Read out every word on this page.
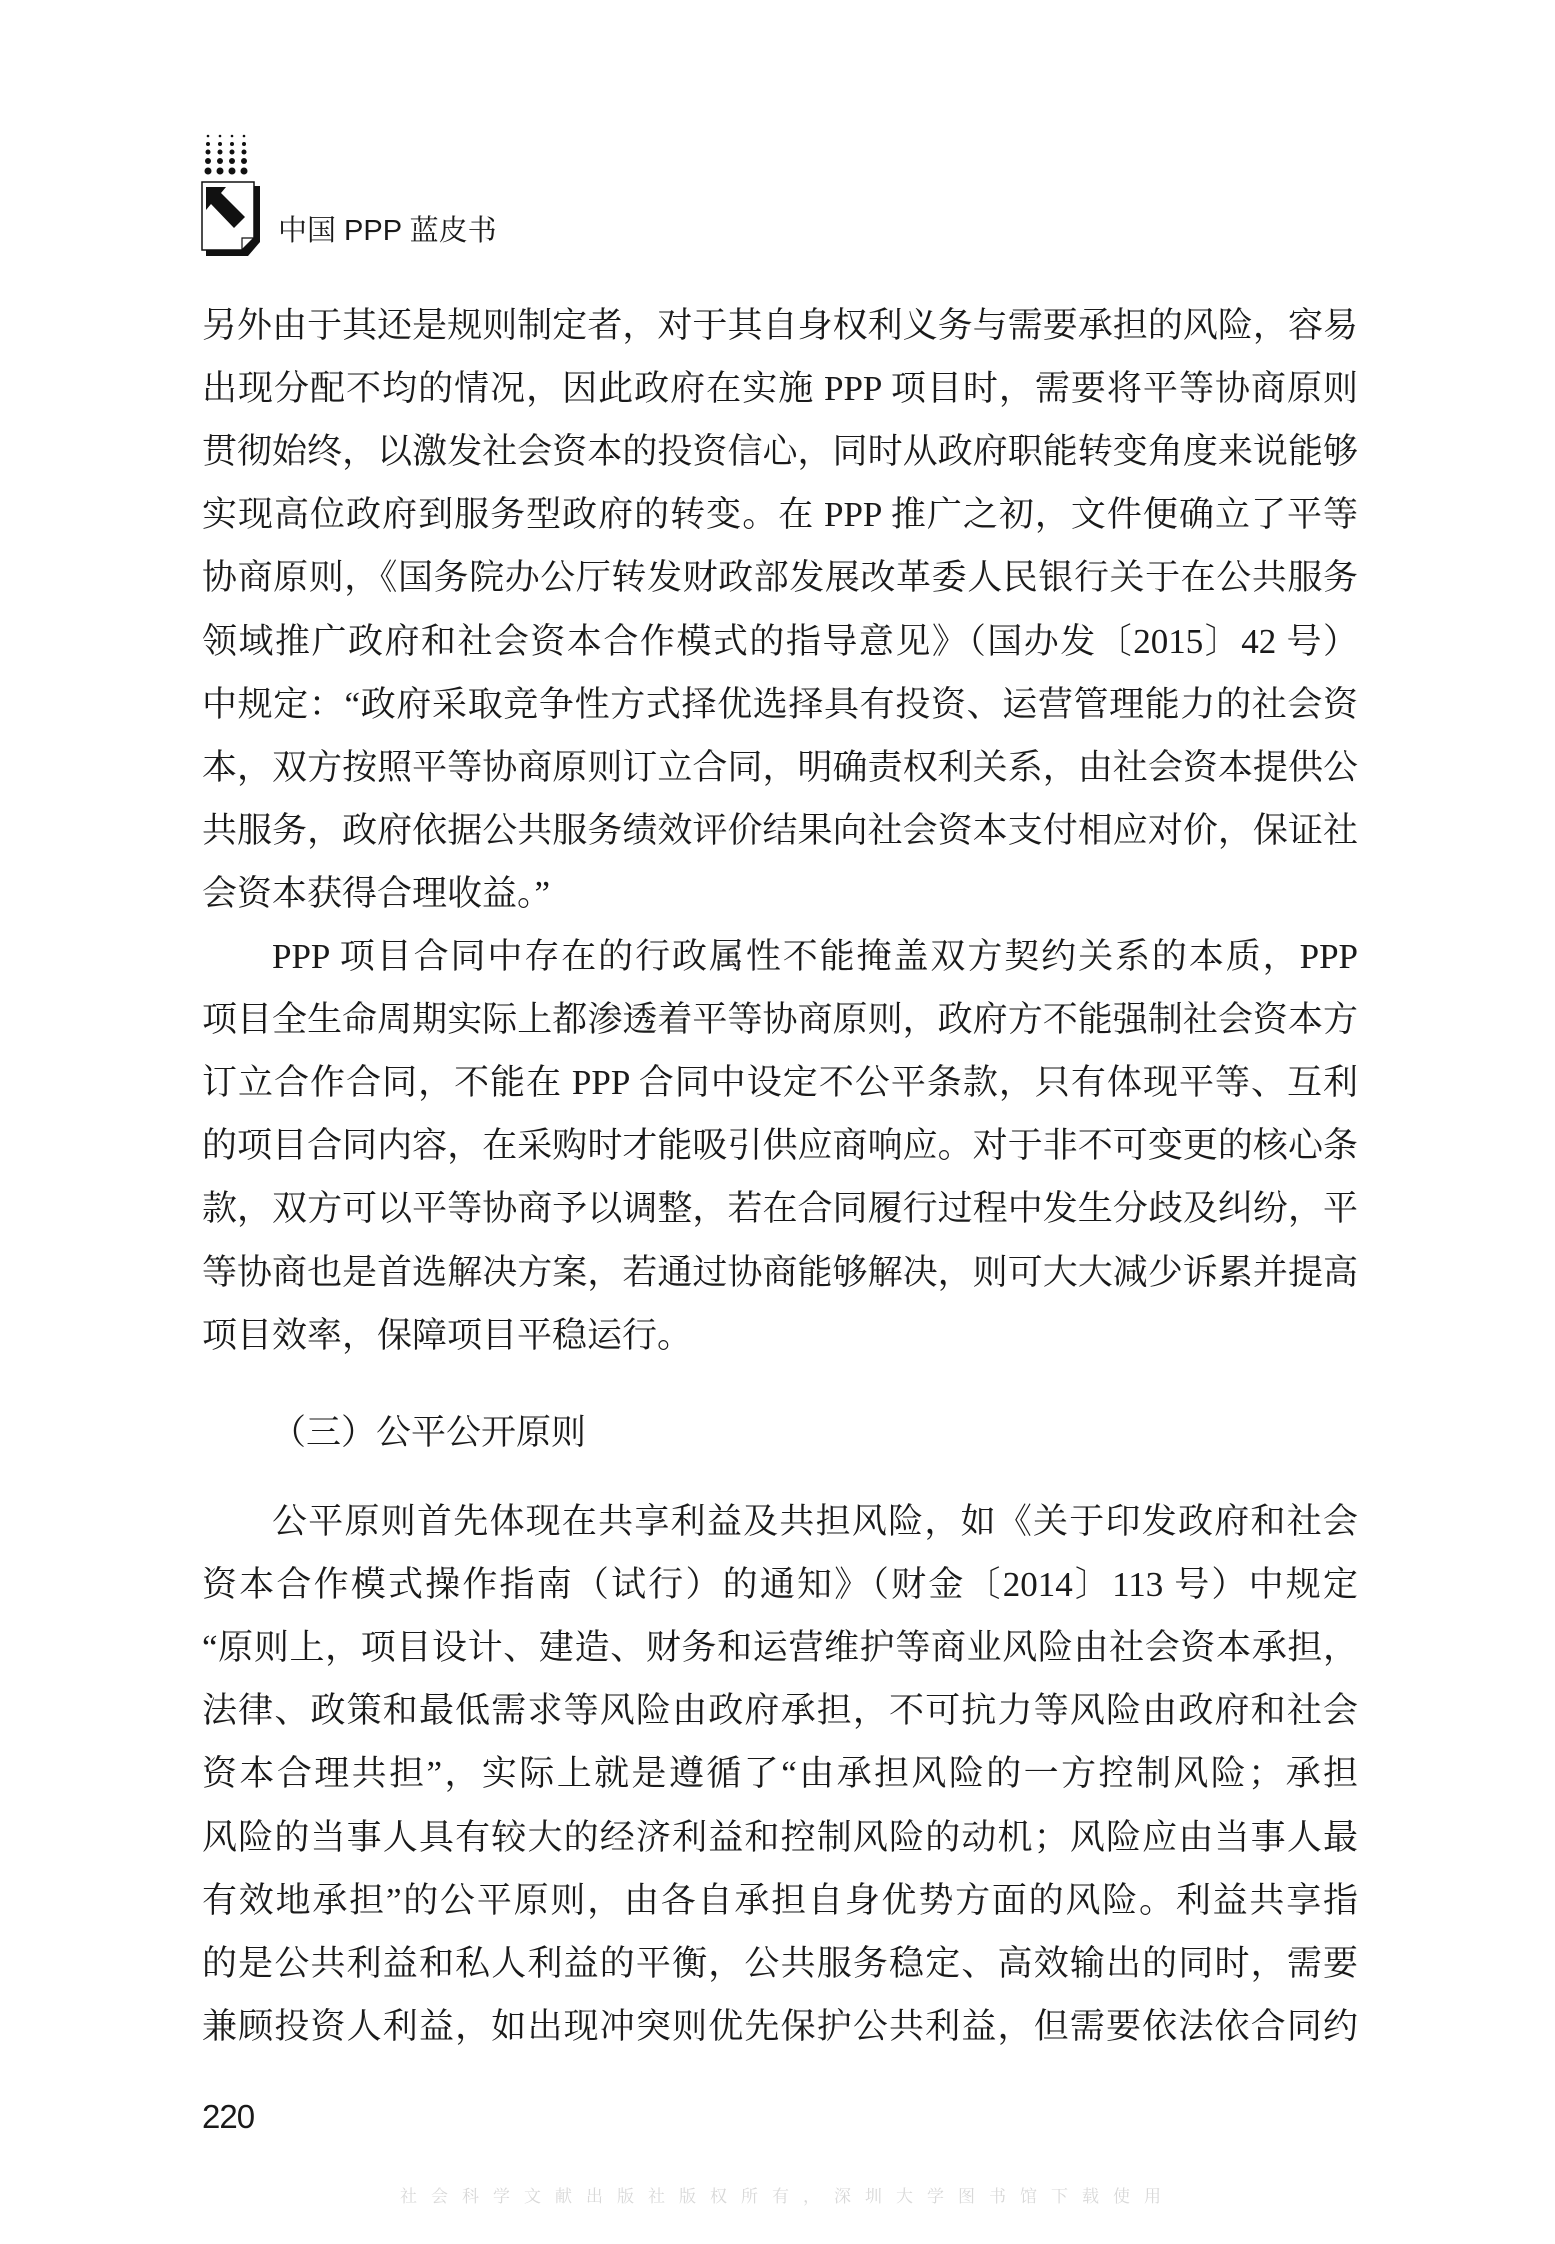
中国 PPP 蓝皮书
社会科学文献出版社版权所有，深圳大学图书馆下载使用
另外由于其还是规则制定者，对于其自身权利义务与需要承担的风险，容易
出现分配不均的情况，因此政府在实施 PPP 项目时，需要将平等协商原则
贯彻始终，以激发社会资本的投资信心，同时从政府职能转变角度来说能够
实现高位政府到服务型政府的转变。在 PPP 推广之初，文件便确立了平等
协商原则，《国务院办公厅转发财政部发展改革委人民银行关于在公共服务
领域推广政府和社会资本合作模式的指导意见》（国办发〔2015〕42 号）
中规定：“政府采取竞争性方式择优选择具有投资、运营管理能力的社会资
本，双方按照平等协商原则订立合同，明确责权利关系，由社会资本提供公
共服务，政府依据公共服务绩效评价结果向社会资本支付相应对价，保证社
会资本获得合理收益。”
PPP 项目合同中存在的行政属性不能掩盖双方契约关系的本质，PPP
项目全生命周期实际上都渗透着平等协商原则，政府方不能强制社会资本方
订立合作合同，不能在 PPP 合同中设定不公平条款，只有体现平等、互利
的项目合同内容，在采购时才能吸引供应商响应。对于非不可变更的核心条
款，双方可以平等协商予以调整，若在合同履行过程中发生分歧及纠纷，平
等协商也是首选解决方案，若通过协商能够解决，则可大大减少诉累并提高
项目效率，保障项目平稳运行。
公平原则首先体现在共享利益及共担风险，如《关于印发政府和社会
资本合作模式操作指南（试行）的通知》（财金〔2014〕113 号）中规定
“原则上，项目设计、建造、财务和运营维护等商业风险由社会资本承担，
法律、政策和最低需求等风险由政府承担，不可抗力等风险由政府和社会
资本合理共担”，实际上就是遵循了“由承担风险的一方控制风险；承担
风险的当事人具有较大的经济利益和控制风险的动机；风险应由当事人最
有效地承担”的公平原则，由各自承担自身优势方面的风险。利益共享指
的是公共利益和私人利益的平衡，公共服务稳定、高效输出的同时，需要
兼顾投资人利益，如出现冲突则优先保护公共利益，但需要依法依合同约
（三）公平公开原则
220
